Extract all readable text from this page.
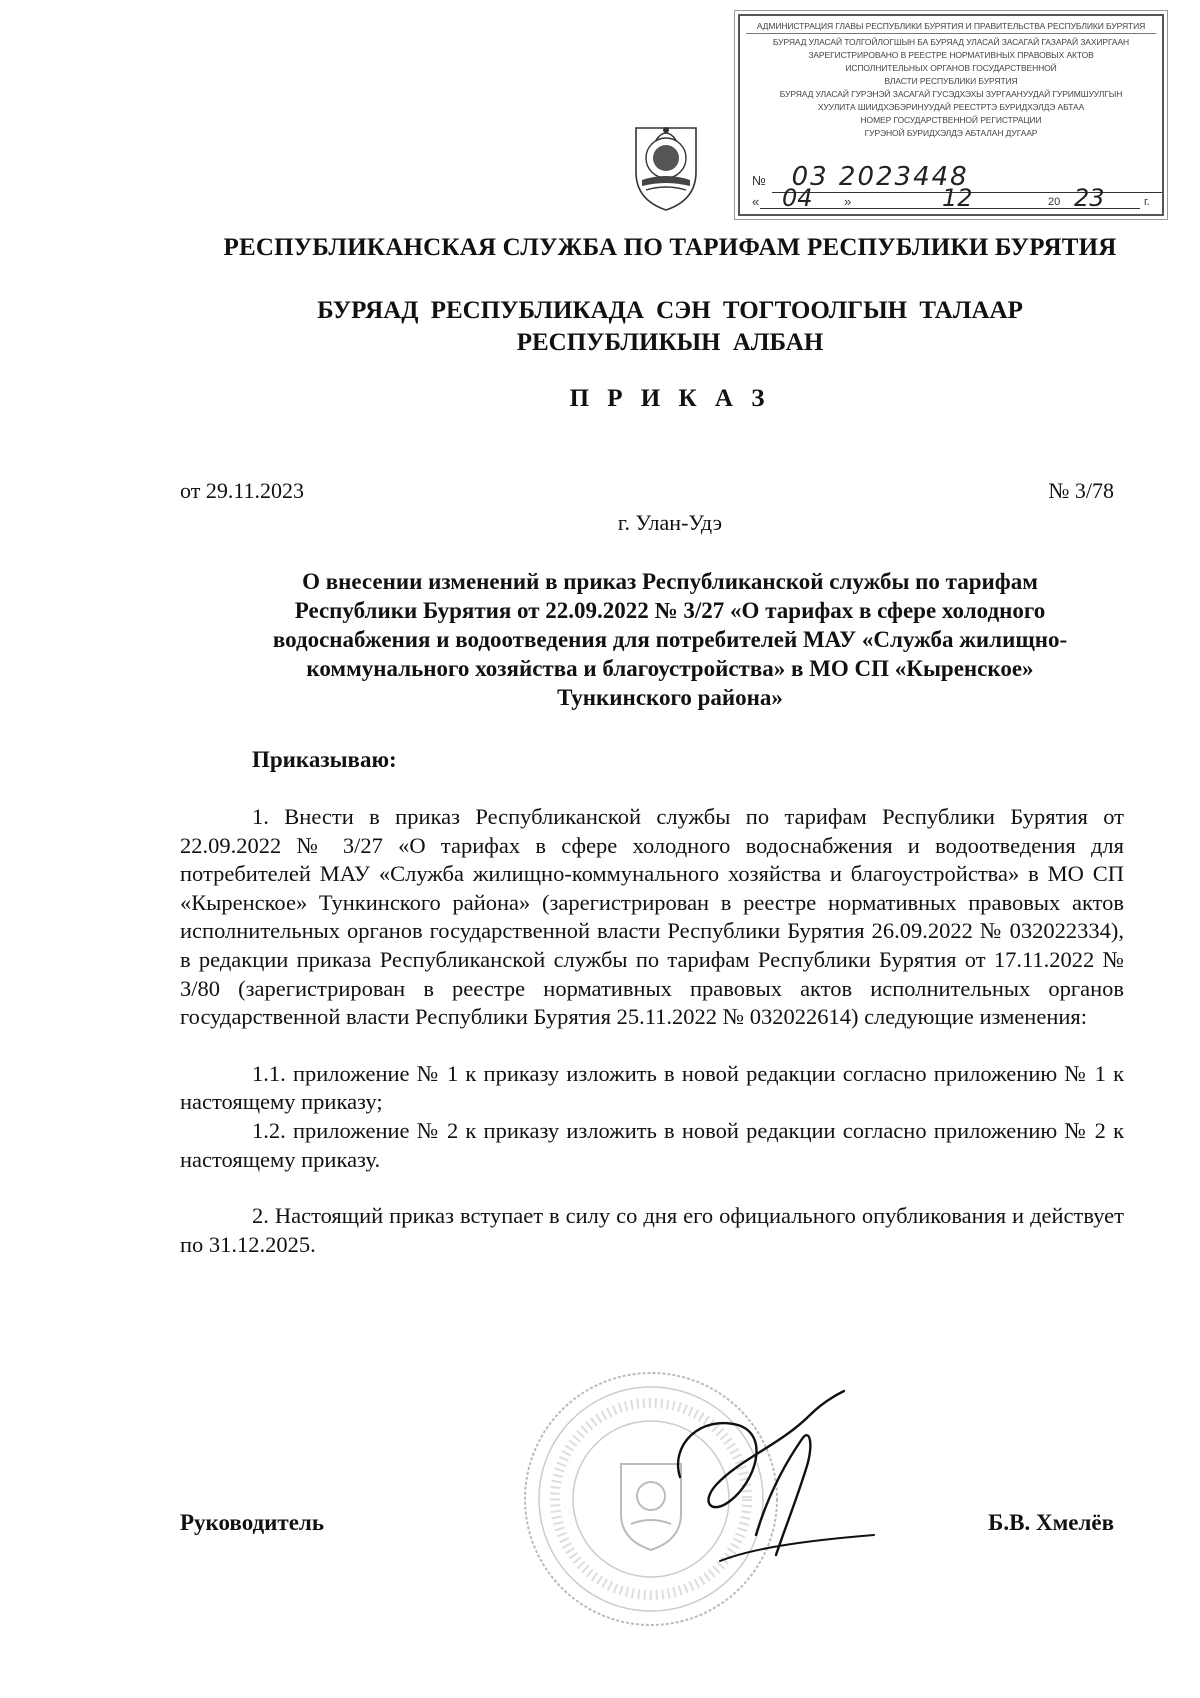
АДМИНИСТРАЦИЯ ГЛАВЫ РЕСПУБЛИКИ БУРЯТИЯ И ПРАВИТЕЛЬСТВА РЕСПУБЛИКИ БУРЯТИЯ
БУРЯАД УЛАСАЙ ТОЛГОЙЛОГШЫН БА БУРЯАД УЛАСАЙ ЗАСАГАЙ ГАЗАРАЙ ЗАХИРГААН
ЗАРЕГИСТРИРОВАНО В РЕЕСТРЕ НОРМАТИВНЫХ ПРАВОВЫХ АКТОВ
ИСПОЛНИТЕЛЬНЫХ ОРГАНОВ ГОСУДАРСТВЕННОЙ
ВЛАСТИ РЕСПУБЛИКИ БУРЯТИЯ
БУРЯАД УЛАСАЙ ГУРЭНЭЙ ЗАСАГАЙ ГУСЭДХЭХЫ ЗУРГААНУУДАЙ ГУРИМШУУЛГЫН
ХУУЛИТА ШИИДХЭБЭРИНУУДАЙ РЕЕСТРТЭ БУРИДХЭЛДЭ АБТАА
НОМЕР ГОСУДАРСТВЕННОЙ РЕГИСТРАЦИИ
ГУРЭНОЙ БУРИДХЭЛДЭ АБТАЛАН ДУГААР
№ 03 2023448
« 04 »	12	20 23	г.
РЕСПУБЛИКАНСКАЯ СЛУЖБА ПО ТАРИФАМ РЕСПУБЛИКИ БУРЯТИЯ
БУРЯАД РЕСПУБЛИКАДА СЭН ТОГТООЛГЫН ТАЛААР
РЕСПУБЛИКЫН АЛБАН
П Р И К А З
от 29.11.2023	№ 3/78
г. Улан-Удэ
О внесении изменений в приказ Республиканской службы по тарифам
Республики Бурятия от 22.09.2022 № 3/27 «О тарифах в сфере холодного
водоснабжения и водоотведения для потребителей МАУ «Служба жилищно-
коммунального хозяйства и благоустройства» в МО СП «Кыренское»
Тункинского района»
Приказываю:

1. Внести в приказ Республиканской службы по тарифам Республики Бурятия от 22.09.2022 № 3/27 «О тарифах в сфере холодного водоснабжения и водоотведения для потребителей МАУ «Служба жилищно-коммунального хозяйства и благоустройства» в МО СП «Кыренское» Тункинского района» (зарегистрирован в реестре нормативных правовых актов исполнительных органов государственной власти Республики Бурятия 26.09.2022 № 032022334), в редакции приказа Республиканской службы по тарифам Республики Бурятия от 17.11.2022 № 3/80 (зарегистрирован в реестре нормативных правовых актов исполнительных органов государственной власти Республики Бурятия 25.11.2022 № 032022614) следующие изменения:

1.1. приложение № 1 к приказу изложить в новой редакции согласно приложению № 1 к настоящему приказу;

1.2. приложение № 2 к приказу изложить в новой редакции согласно приложению № 2 к настоящему приказу.

2. Настоящий приказ вступает в силу со дня его официального опубликования и действует по 31.12.2025.

Руководитель	Б.В. Хмелёв
